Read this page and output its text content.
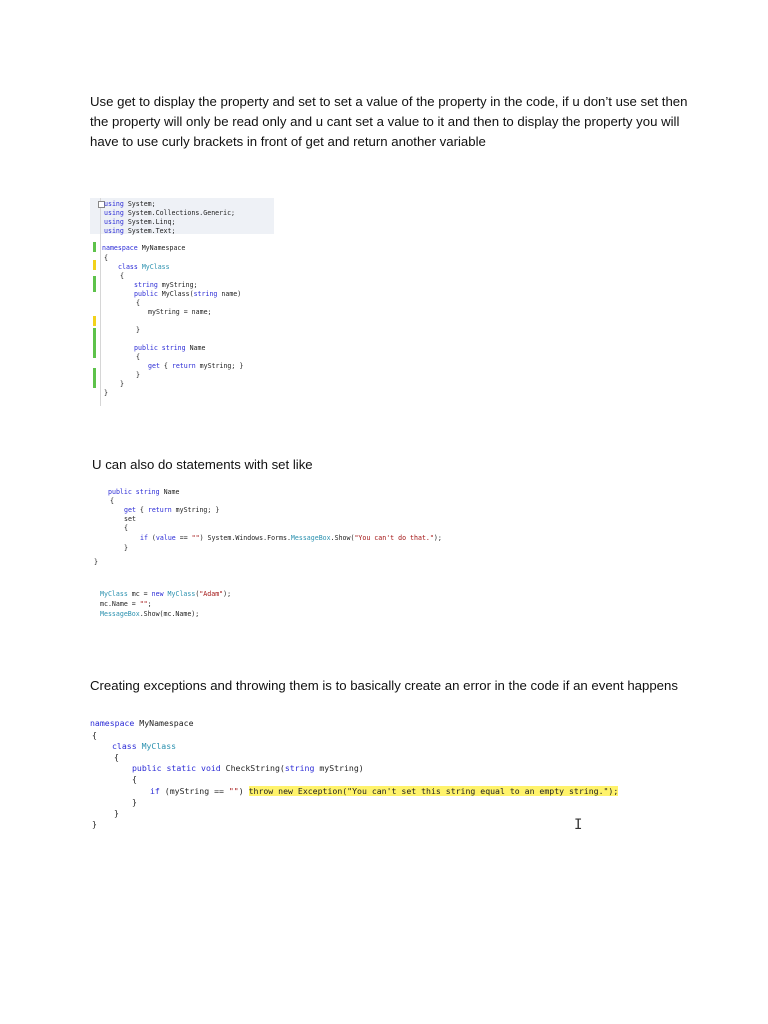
Use get to display the property and set to set a value of the property in the code, if u don’t use set then the property will only be read only and u cant set a value to it and then to display the property you will have to use curly brackets in front of get and return another variable

using System;
using System.Collections.Generic;
using System.Linq;
using System.Text;
namespace MyNamespace
{
class MyClass
{
string myString;
public MyClass(string name)
{
myString = name;
}
public string Name
{
get { return myString; }
}
}
}

U can also do statements with set like

public string Name
{
get { return myString; }
set
{
if (value == "") System.Windows.Forms.MessageBox.Show("You can't do that.");
}
}
MyClass mc = new MyClass("Adam");
mc.Name = "";
MessageBox.Show(mc.Name);

Creating exceptions and throwing them is to basically create an error in the code if an event happens

namespace MyNamespace
{
class MyClass
{
public static void CheckString(string myString)
{
if (myString == "") throw new Exception("You can't set this string equal to an empty string.");
}
}
}	I
